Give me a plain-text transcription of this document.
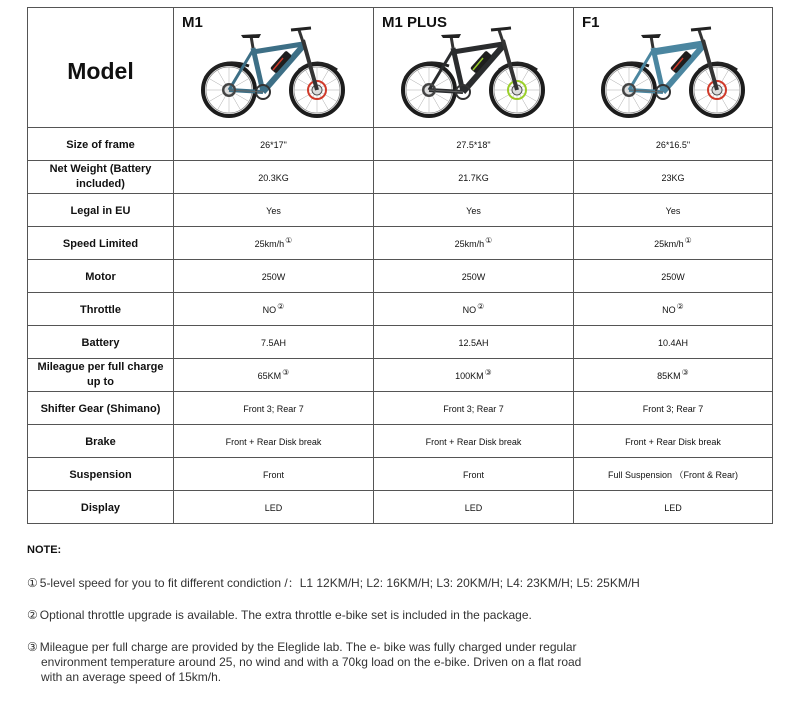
Model	M1	M1 PLUS	F1

Size of frame	26*17"	27.5*18"	26*16.5"
Net Weight (Battery included)	20.3KG	21.7KG	23KG
Legal in EU	Yes	Yes	Yes
Speed Limited	25km/h①	25km/h①	25km/h①
Motor	250W	250W	250W
Throttle	NO②	NO②	NO②
Battery	7.5AH	12.5AH	10.4AH
Mileague per full charge up to	65KM③	100KM③	85KM③
Shifter Gear (Shimano)	Front 3; Rear 7	Front 3; Rear 7	Front 3; Rear 7
Brake	Front + Rear Disk break	Front + Rear Disk break	Front + Rear Disk break
Suspension	Front	Front	Full Suspension （Front & Rear)
Display	LED	LED	LED
NOTE:
① 5-level speed for you to fit different condiction /：L1 12KM/H; L2: 16KM/H; L3: 20KM/H; L4: 23KM/H; L5: 25KM/H
② Optional throttle upgrade is available. The extra throttle e-bike set is included in the package.
③ Mileague per full charge are provided by the Eleglide lab. The e- bike was fully charged under regular
environment temperature around 25, no wind and with a 70kg load on the e-bike. Driven on a flat road
with an average speed of 15km/h.
